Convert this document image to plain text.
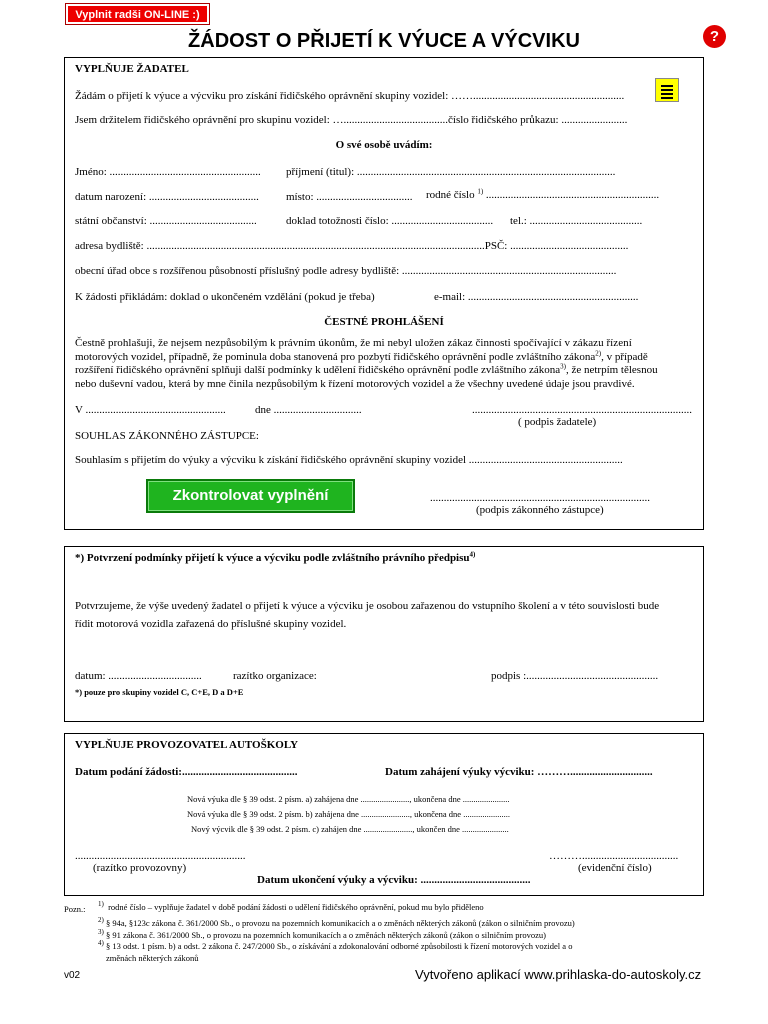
Vyplnit radši ON-LINE :)
ŽÁDOST O PŘIJETÍ K VÝUCE A VÝCVIKU	?
VYPLŇUJE ŽADATEL
Žádám o přijetí k výuce a výcviku pro získání řidičského oprávnění skupiny vozidel: …….......................................................
Jsem držitelem řidičského oprávnění pro skupinu vozidel: …......................................číslo řidičského průkazu: ........................
O své osobě uvádím:
Jméno: ....................................................... příjmení (titul): ..............................................................................................
datum narození: ........................................ místo: ................................... rodné číslo $^{1)}$ ...............................................................
státní občanství: .......................................	doklad totožnosti číslo: ..................................... tel.: .........................................
adresa bydliště: ...........................................................................................................................PSČ: ...........................................
obecní úřad obce s rozšířenou působností příslušný podle adresy bydliště: ..............................................................................
K žádosti přikládám: doklad o ukončeném vzdělání (pokud je třeba)	e-mail: ..............................................................
ČESTNÉ PROHLÁŠENÍ
Čestně prohlašuji, že nejsem nezpůsobilým k právním úkonům, že mi nebyl uložen zákaz činnosti spočívající v zákazu řízení
motorových vozidel, případně, že pominula doba stanovená pro pozbytí řidičského oprávnění podle zvláštního zákona$^{2)}$, v případě
rozšíření řidičského oprávnění splňuji další podmínky k udělení řidičského oprávnění podle zvláštního zákona$^{3)}$, že netrpím tělesnou
nebo duševní vadou, která by mne činila nezpůsobilým k řízení motorových vozidel a že všechny uvedené údaje jsou pravdivé.
V ...................................................	dne ................................	................................................................................
( podpis žadatele)
SOUHLAS ZÁKONNÉHO ZÁSTUPCE:
Souhlasím s přijetím do výuky a výcviku k získání řidičského oprávnění skupiny vozidel ........................................................
Zkontrolovat vyplnění	................................................................................
(podpis zákonného zástupce)
*) Potvrzení podmínky přijetí k výuce a výcviku podle zvláštního právního předpisu$^{4)}$
Potvrzujeme, že výše uvedený žadatel o přijetí k výuce a výcviku je osobou zařazenou do vstupního školení a v této souvislosti bude
řídit motorová vozidla zařazená do příslušné skupiny vozidel.
datum: ..................................	razítko organizace:	podpis :................................................
*) pouze pro skupiny vozidel C, C+E, D a D+E
VYPLŇUJE PROVOZOVATEL AUTOŠKOLY
Datum podání žádosti:..........................................	Datum zahájení výuky výcviku: ………..............................
Nová výuka dle § 39 odst. 2 písm. a) zahájena dne ......................., ukončena dne ......................
Nová výuka dle § 39 odst. 2 písm. b) zahájena dne ......................., ukončena dne ......................
Nový výcvik dle § 39 odst. 2 písm. c) zahájen dne ......................., ukončen dne ......................
..............................................................
(razítko provozovny)
………...................................
(evidenční číslo)
Datum ukončení výuky a výcviku: ........................................
Pozn.: $^{1)}$ rodné číslo – vyplňuje žadatel v době podání žádosti o udělení řidičského oprávnění, pokud mu bylo přiděleno
$^{2)}$ § 94a, §123c zákona č. 361/2000 Sb., o provozu na pozemních komunikacích a o změnách některých zákonů (zákon o silničním provozu)
$^{3)}$ § 91 zákona č. 361/2000 Sb., o provozu na pozemních komunikacích a o změnách některých zákonů (zákon o silničním provozu)
$^{4)}$ § 13 odst. 1 písm. b) a odst. 2 zákona č. 247/2000 Sb., o získávání a zdokonalování odborné způsobilosti k řízení motorových vozidel a o
změnách některých zákonů
v02	Vytvořeno aplikací www.prihlaska-do-autoskoly.cz
